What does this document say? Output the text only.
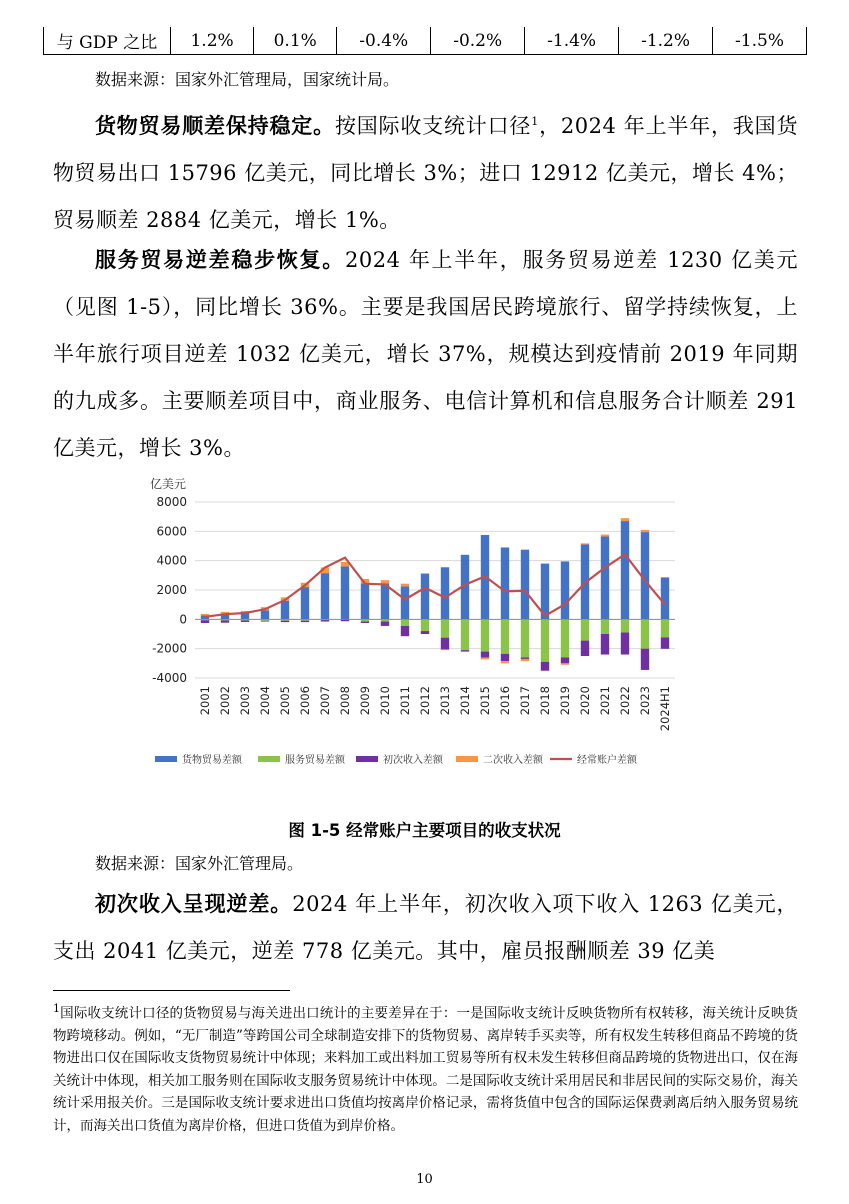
与 GDP 之比	1.2%	0.1%	-0.4%	-0.2%	-1.4%	-1.2%	-1.5%
数据来源：国家外汇管理局，国家统计局。
货物贸易顺差保持稳定。按国际收支统计口径$^1$，2024 年上半年，我国货物贸易出口 15796 亿美元，同比增长 3%；进口 12912 亿美元，增长 4%；贸易顺差 2884 亿美元，增长 1%。
服务贸易逆差稳步恢复。2024 年上半年，服务贸易逆差 1230 亿美元（见图 1-5），同比增长 36%。主要是我国居民跨境旅行、留学持续恢复，上半年旅行项目逆差 1032 亿美元，增长 37%，规模达到疫情前 2019 年同期的九成多。主要顺差项目中，商业服务、电信计算机和信息服务合计顺差 291 亿美元，增长 3%。
亿美元
8000
6000
4000
2000
0
-2000
-4000
2001 2002 2003 2004 2005 2006 2007 2008 2009 2010 2011 2012 2013 2014 2015 2016 2017 2018 2019 2020 2021 2022 2023 2024H1
货物贸易差额	服务贸易差额	初次收入差额	二次收入差额	经常账户差额
图 1-5 经常账户主要项目的收支状况
数据来源：国家外汇管理局。
初次收入呈现逆差。2024 年上半年，初次收入项下收入 1263 亿美元，支出 2041 亿美元，逆差 778 亿美元。其中，雇员报酬顺差 39 亿美
$^1$国际收支统计口径的货物贸易与海关进出口统计的主要差异在于：一是国际收支统计反映货物所有权转移，海关统计反映货物跨境移动。例如，“无厂制造”等跨国公司全球制造安排下的货物贸易、离岸转手买卖等，所有权发生转移但商品不跨境的货物进出口仅在国际收支货物贸易统计中体现；来料加工或出料加工贸易等所有权未发生转移但商品跨境的货物进出口，仅在海关统计中体现，相关加工服务则在国际收支服务贸易统计中体现。二是国际收支统计采用居民和非居民间的实际交易价，海关统计采用报关价。三是国际收支统计要求进出口货值均按离岸价格记录，需将货值中包含的国际运保费剥离后纳入服务贸易统计，而海关出口货值为离岸价格，但进口货值为到岸价格。
10
